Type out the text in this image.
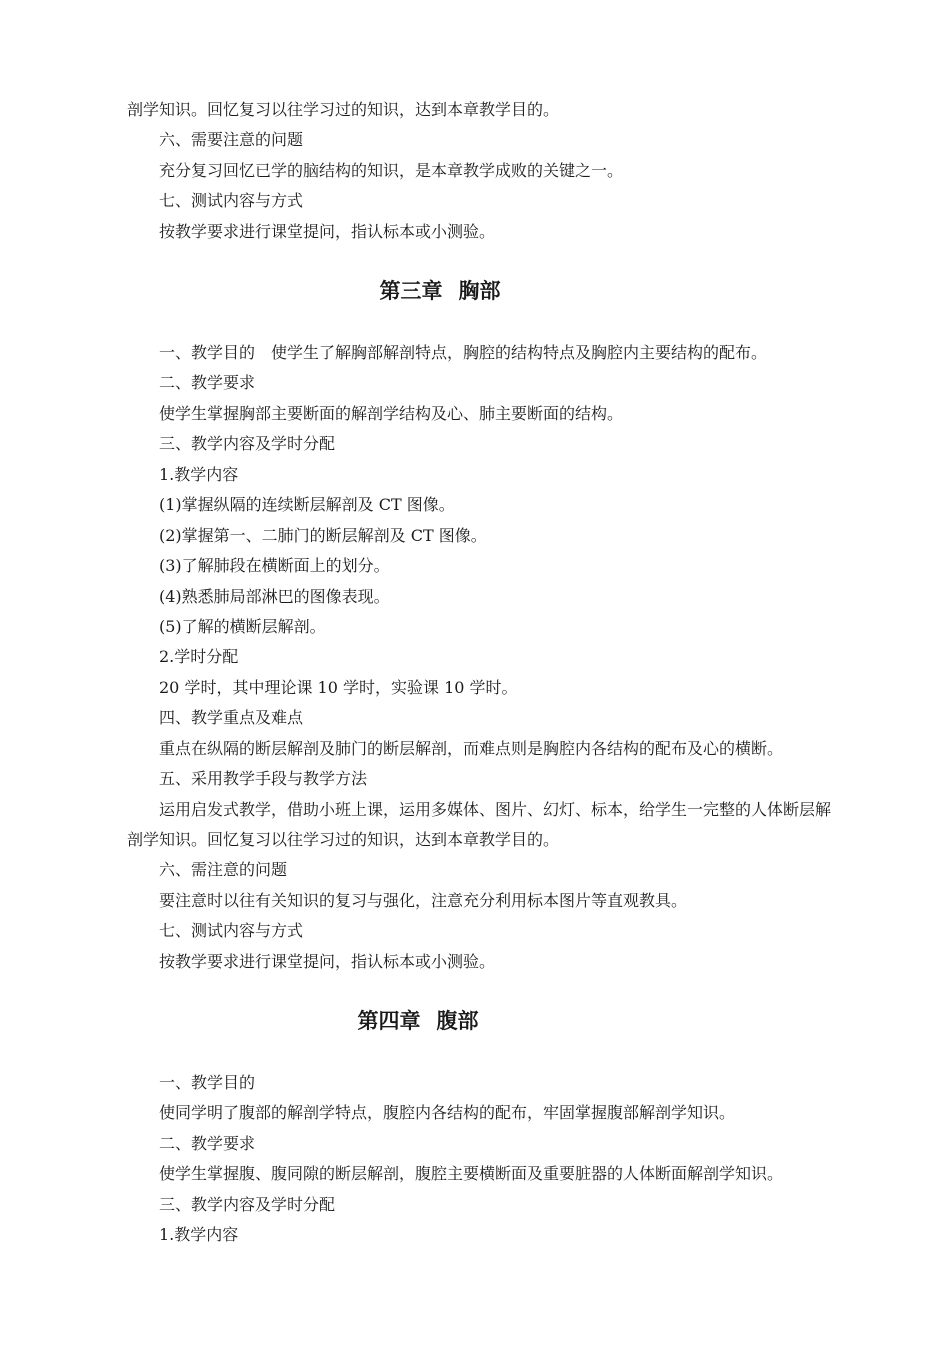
剖学知识。回忆复习以往学习过的知识，达到本章教学目的。
六、需要注意的问题
充分复习回忆已学的脑结构的知识，是本章教学成败的关键之一。
七、测试内容与方式
按教学要求进行课堂提问，指认标本或小测验。
第三章 胸部
一、教学目的 使学生了解胸部解剖特点，胸腔的结构特点及胸腔内主要结构的配布。
二、教学要求
使学生掌握胸部主要断面的解剖学结构及心、肺主要断面的结构。
三、教学内容及学时分配
1.教学内容
(1)掌握纵隔的连续断层解剖及 CT 图像。
(2)掌握第一、二肺门的断层解剖及 CT 图像。
(3)了解肺段在横断面上的划分。
(4)熟悉肺局部淋巴的图像表现。
(5)了解的横断层解剖。
2.学时分配
20 学时，其中理论课 10 学时，实验课 10 学时。
四、教学重点及难点
重点在纵隔的断层解剖及肺门的断层解剖，而难点则是胸腔内各结构的配布及心的横断。
五、采用教学手段与教学方法
运用启发式教学，借助小班上课，运用多媒体、图片、幻灯、标本，给学生一完整的人体断层解
剖学知识。回忆复习以往学习过的知识，达到本章教学目的。
六、需注意的问题
要注意时以往有关知识的复习与强化，注意充分利用标本图片等直观教具。
七、测试内容与方式
按教学要求进行课堂提问，指认标本或小测验。
第四章 腹部
一、教学目的
使同学明了腹部的解剖学特点，腹腔内各结构的配布，牢固掌握腹部解剖学知识。
二、教学要求
使学生掌握腹、腹同隙的断层解剖，腹腔主要横断面及重要脏器的人体断面解剖学知识。
三、教学内容及学时分配
1.教学内容
